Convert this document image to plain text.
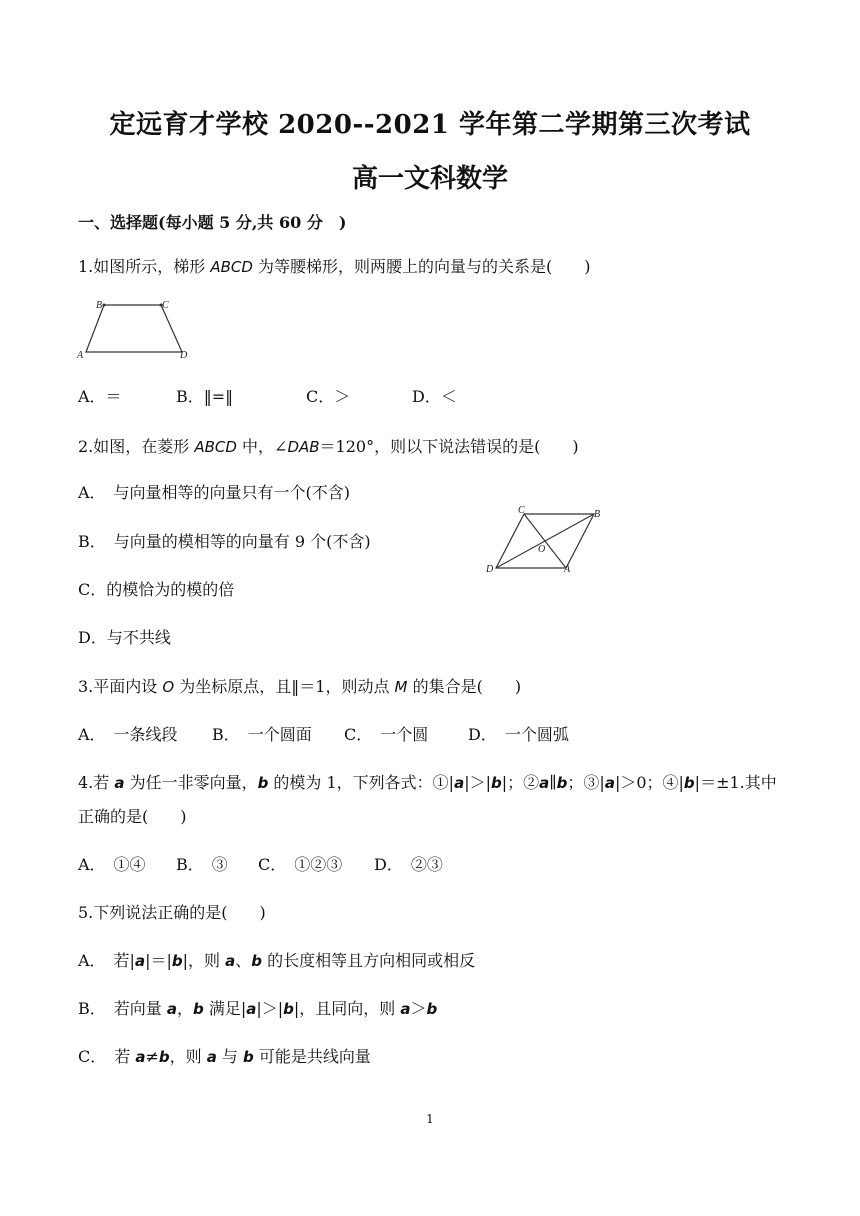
定远育才学校 2020--2021 学年第二学期第三次考试
高一文科数学
一、选择题(每小题 5 分,共 60 分　)
1.如图所示，梯形 ABCD 为等腰梯形，则两腰上的向量与的关系是(　　)
B	C
A	D
A．＝	B．‖=‖	C．＞	D．＜
2.如图，在菱形 ABCD 中，∠DAB＝120°，则以下说法错误的是(　　)
A．　与向量相等的向量只有一个(不含)
B．　与向量的模相等的向量有 9 个(不含)
C．的模恰为的模的倍
D．与不共线
C	B
O
D	A
3.平面内设 O 为坐标原点，且‖＝1，则动点 M 的集合是(　　)
A．　一条线段 B．　一个圆面 C．　一个圆 D．　一个圆弧
4.若 a 为任一非零向量，b 的模为 1，下列各式：①|a|＞|b|；②a∥b；③|a|＞0；④|b|＝±1.其中
正确的是(　　)
A．　①④ B．　③ C．　①②③ D．　②③
5.下列说法正确的是(　　)
A．　若|a|＝|b|，则 a、b 的长度相等且方向相同或相反
B．　若向量 a，b 满足|a|＞|b|，且同向，则 a＞b
C．　若 a≠b，则 a 与 b 可能是共线向量
1
